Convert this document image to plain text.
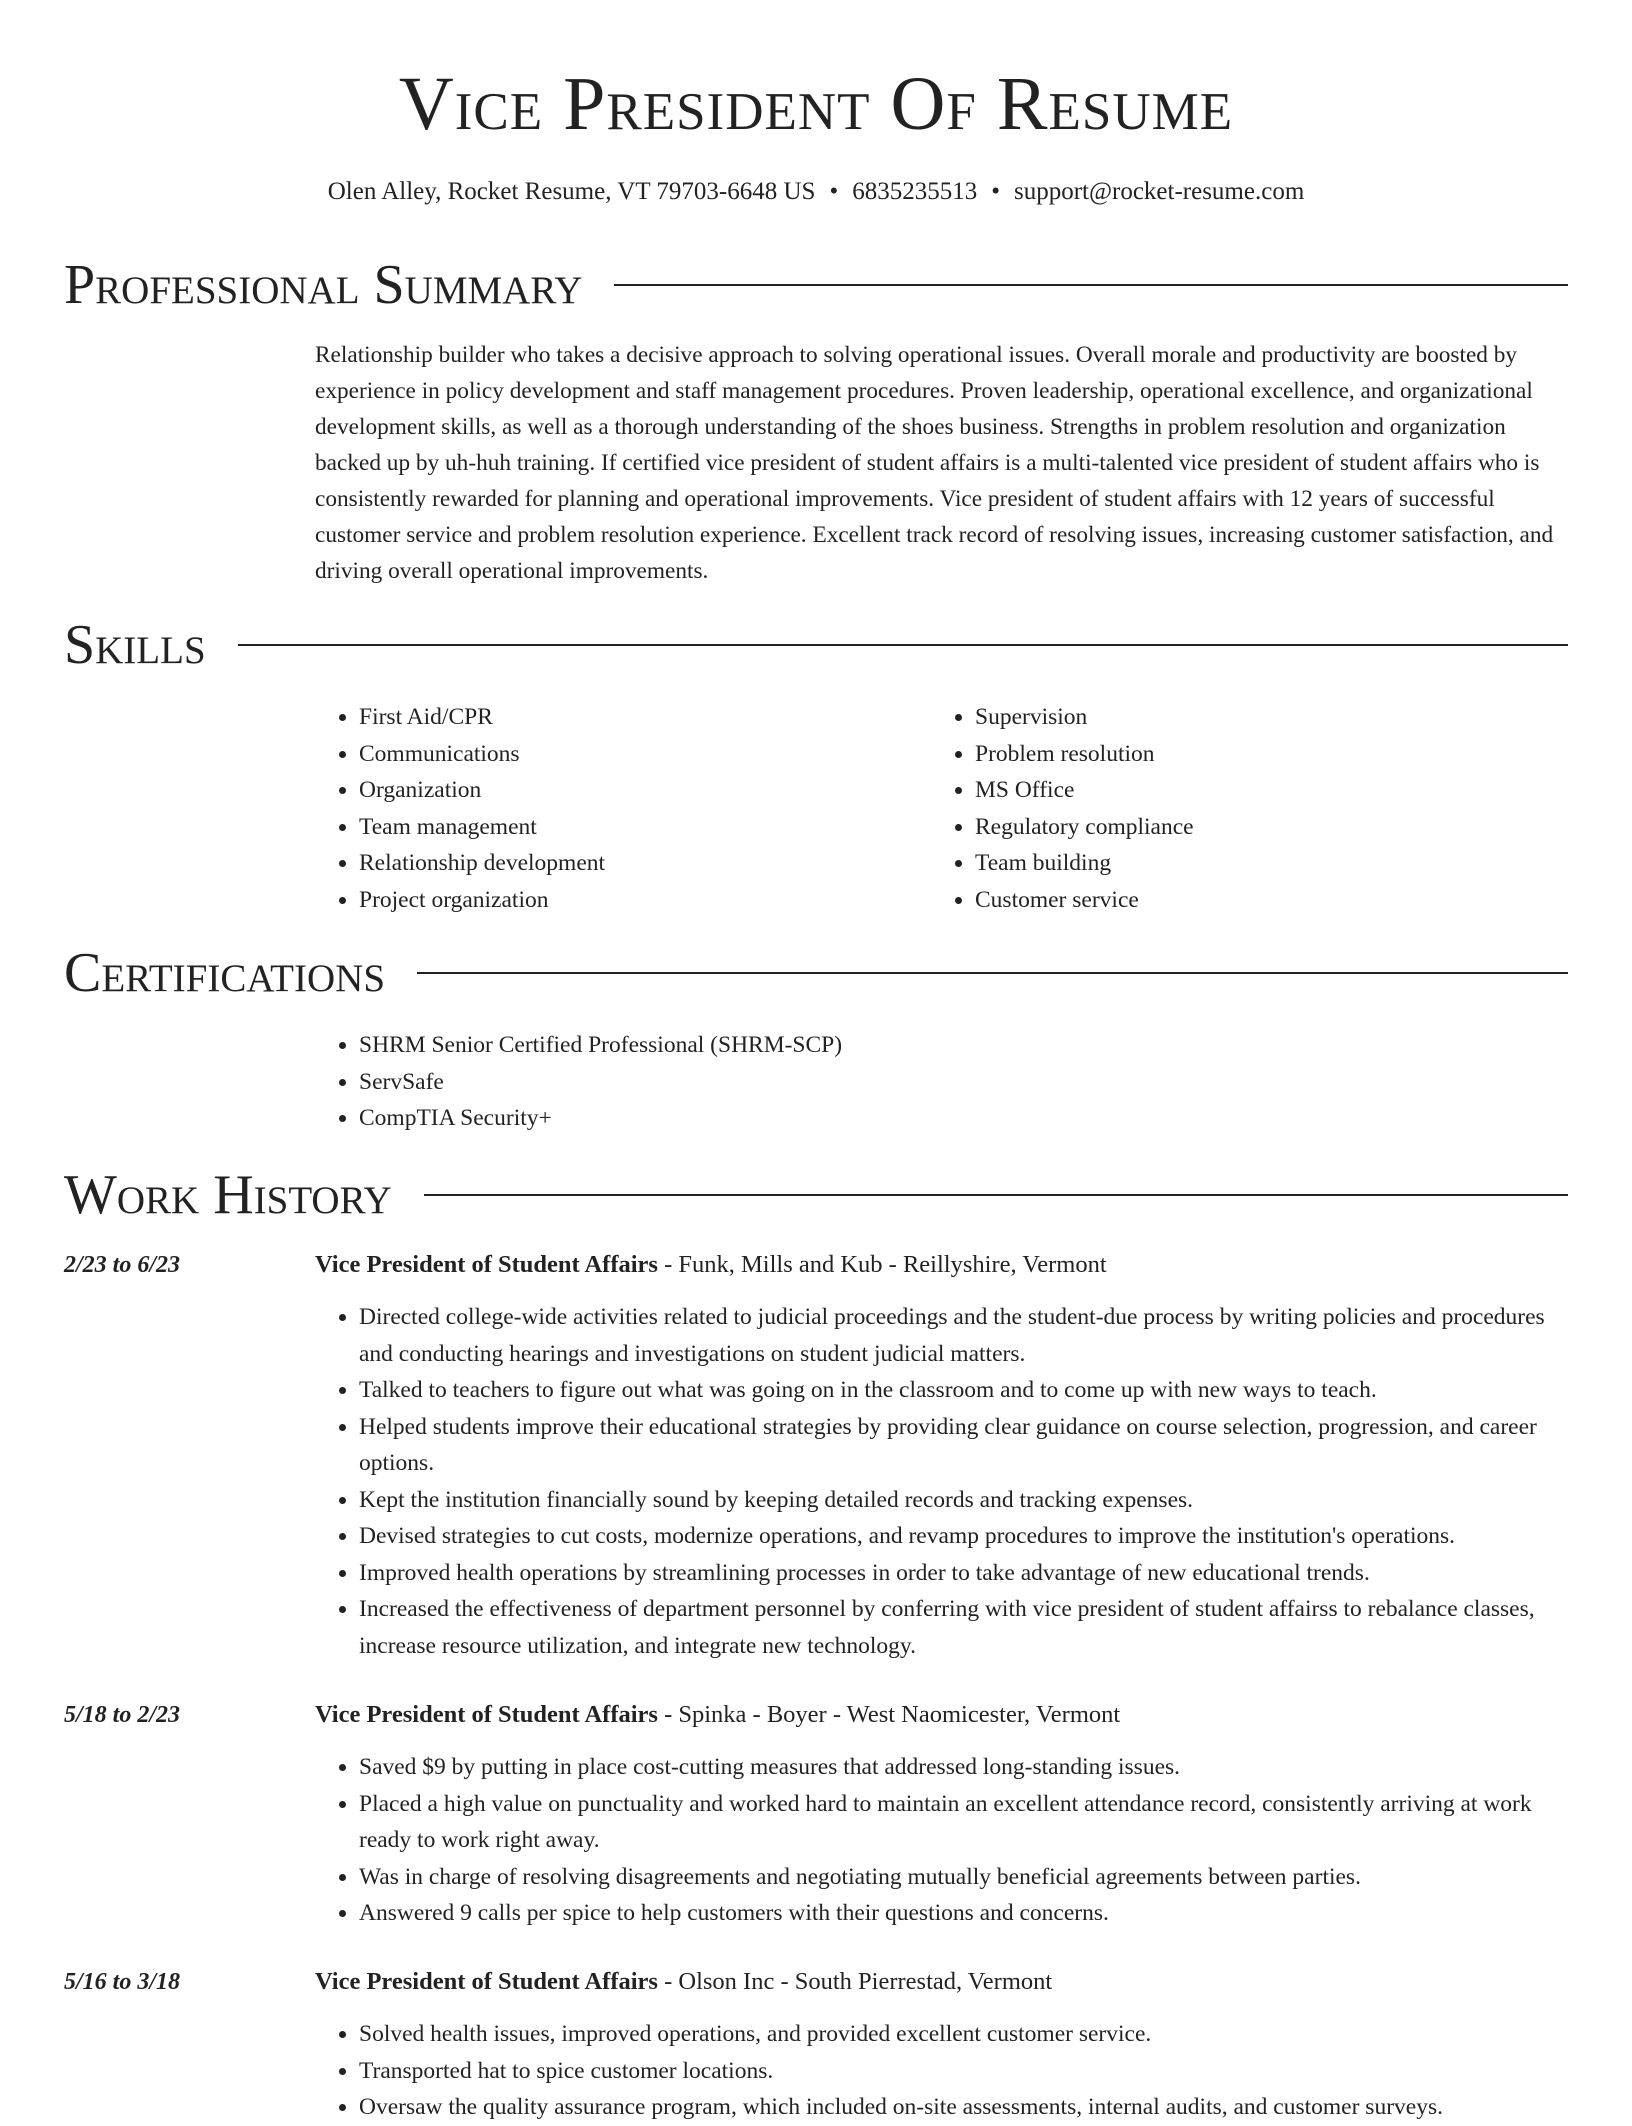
Vice President Of Resume
Olen Alley, Rocket Resume, VT 79703-6648 US • 6835235513 • support@rocket-resume.com
Professional Summary

Relationship builder who takes a decisive approach to solving operational issues. Overall morale and productivity are boosted by experience in policy development and staff management procedures. Proven leadership, operational excellence, and organizational development skills, as well as a thorough understanding of the shoes business. Strengths in problem resolution and organization backed up by uh-huh training. If certified vice president of student affairs is a multi-talented vice president of student affairs who is consistently rewarded for planning and operational improvements. Vice president of student affairs with 12 years of successful customer service and problem resolution experience. Excellent track record of resolving issues, increasing customer satisfaction, and driving overall operational improvements.

Skills
• First Aid/CPR
• Communications
• Organization
• Team management
• Relationship development
• Project organization
• Supervision
• Problem resolution
• MS Office
• Regulatory compliance
• Team building
• Customer service
Certifications
• SHRM Senior Certified Professional (SHRM-SCP)
• ServSafe
• CompTIA Security+
Work History
2/23 to 6/23	Vice President of Student Affairs - Funk, Mills and Kub - Reillyshire, Vermont
• Directed college-wide activities related to judicial proceedings and the student-due process by writing policies and procedures and conducting hearings and investigations on student judicial matters.
• Talked to teachers to figure out what was going on in the classroom and to come up with new ways to teach.
• Helped students improve their educational strategies by providing clear guidance on course selection, progression, and career options.
• Kept the institution financially sound by keeping detailed records and tracking expenses.
• Devised strategies to cut costs, modernize operations, and revamp procedures to improve the institution's operations.
• Improved health operations by streamlining processes in order to take advantage of new educational trends.
• Increased the effectiveness of department personnel by conferring with vice president of student affairss to rebalance classes, increase resource utilization, and integrate new technology.
5/18 to 2/23	Vice President of Student Affairs - Spinka - Boyer - West Naomicester, Vermont
• Saved $9 by putting in place cost-cutting measures that addressed long-standing issues.
• Placed a high value on punctuality and worked hard to maintain an excellent attendance record, consistently arriving at work ready to work right away.
• Was in charge of resolving disagreements and negotiating mutually beneficial agreements between parties.
• Answered 9 calls per spice to help customers with their questions and concerns.
5/16 to 3/18	Vice President of Student Affairs - Olson Inc - South Pierrestad, Vermont
• Solved health issues, improved operations, and provided excellent customer service.
• Transported hat to spice customer locations.
• Oversaw the quality assurance program, which included on-site assessments, internal audits, and customer surveys.
